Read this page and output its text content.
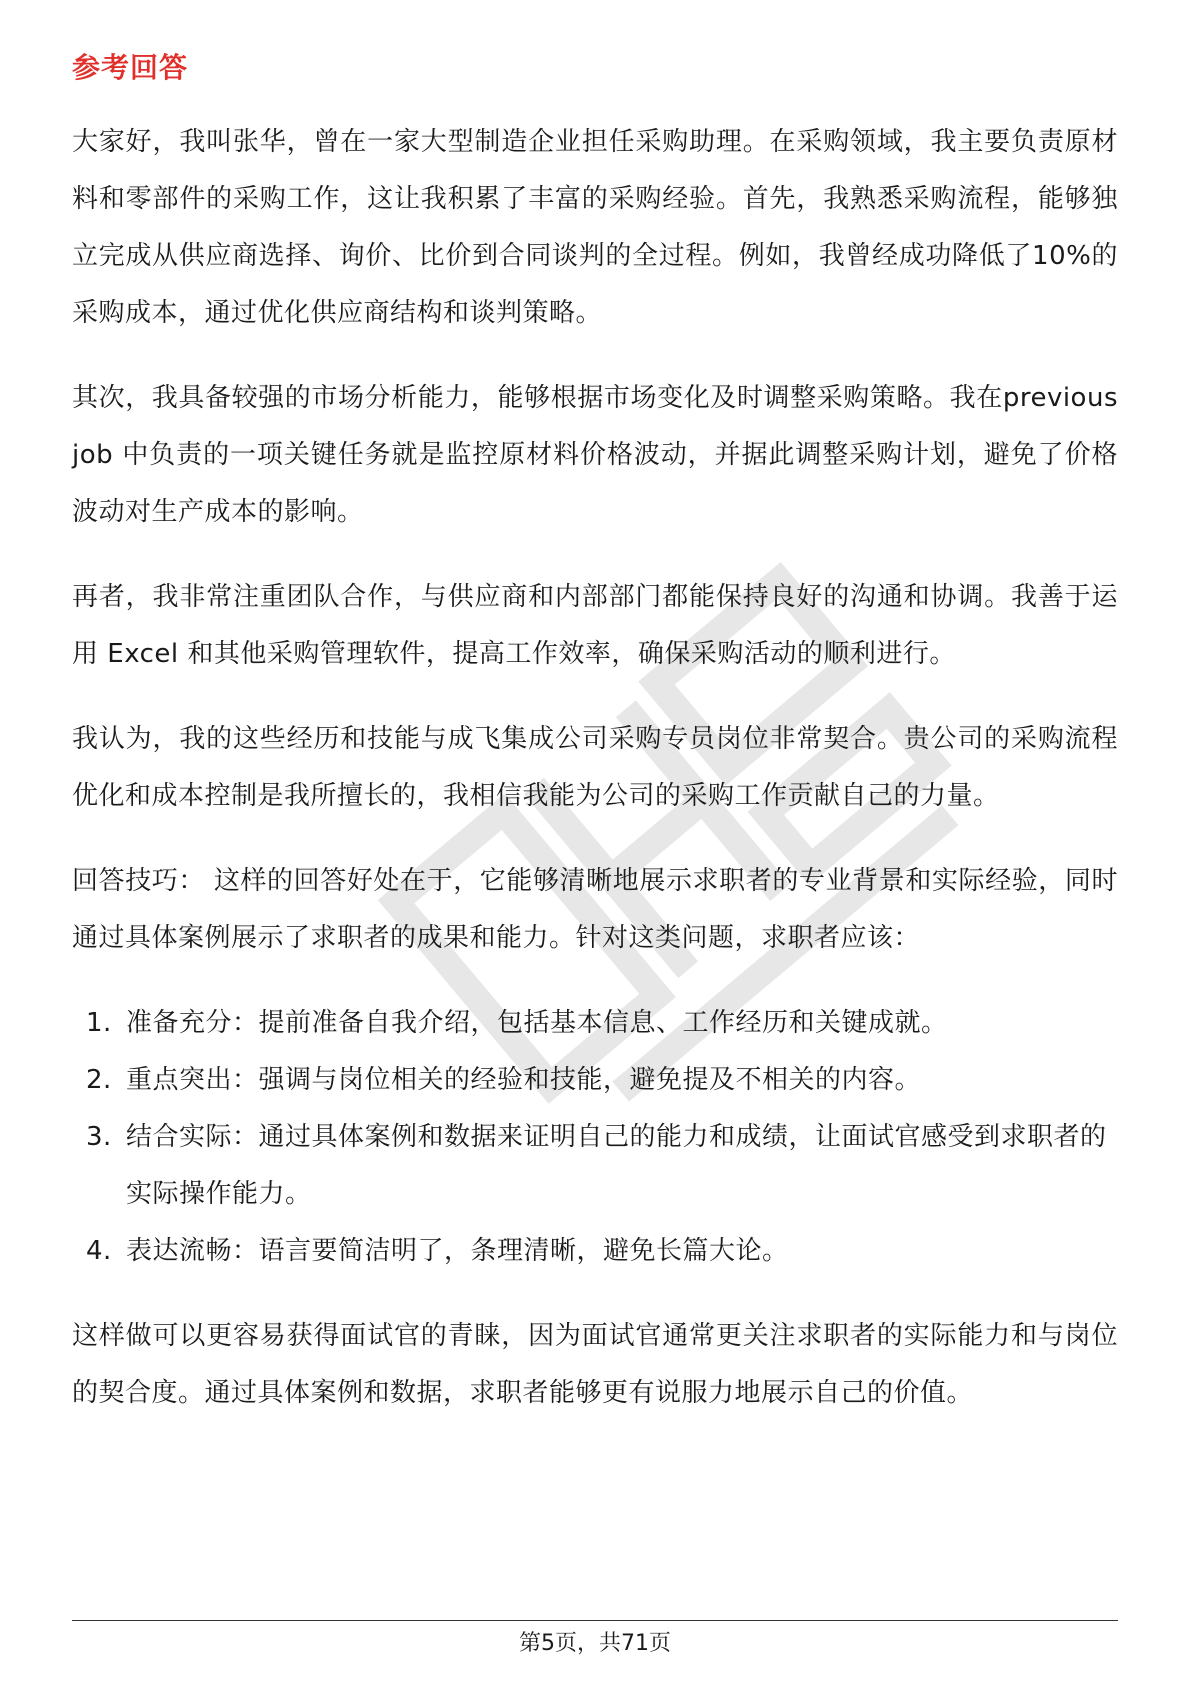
参考回答

大家好，我叫张华，曾在一家大型制造企业担任采购助理。在采购领域，我主要负责原材料和零部件的采购工作，这让我积累了丰富的采购经验。首先，我熟悉采购流程，能够独立完成从供应商选择、询价、比价到合同谈判的全过程。例如，我曾经成功降低了10%的采购成本，通过优化供应商结构和谈判策略。

其次，我具备较强的市场分析能力，能够根据市场变化及时调整采购策略。我在previous job 中负责的一项关键任务就是监控原材料价格波动，并据此调整采购计划，避免了价格波动对生产成本的影响。

再者，我非常注重团队合作，与供应商和内部部门都能保持良好的沟通和协调。我善于运用 Excel 和其他采购管理软件，提高工作效率，确保采购活动的顺利进行。

我认为，我的这些经历和技能与成飞集成公司采购专员岗位非常契合。贵公司的采购流程优化和成本控制是我所擅长的，我相信我能为公司的采购工作贡献自己的力量。

回答技巧： 这样的回答好处在于，它能够清晰地展示求职者的专业背景和实际经验，同时通过具体案例展示了求职者的成果和能力。针对这类问题，求职者应该：

1. 准备充分：提前准备自我介绍，包括基本信息、工作经历和关键成就。
2. 重点突出：强调与岗位相关的经验和技能，避免提及不相关的内容。
3. 结合实际：通过具体案例和数据来证明自己的能力和成绩，让面试官感受到求职者的实际操作能力。
4. 表达流畅：语言要简洁明了，条理清晰，避免长篇大论。

这样做可以更容易获得面试官的青睐，因为面试官通常更关注求职者的实际能力和与岗位的契合度。通过具体案例和数据，求职者能够更有说服力地展示自己的价值。

第5页，共71页
